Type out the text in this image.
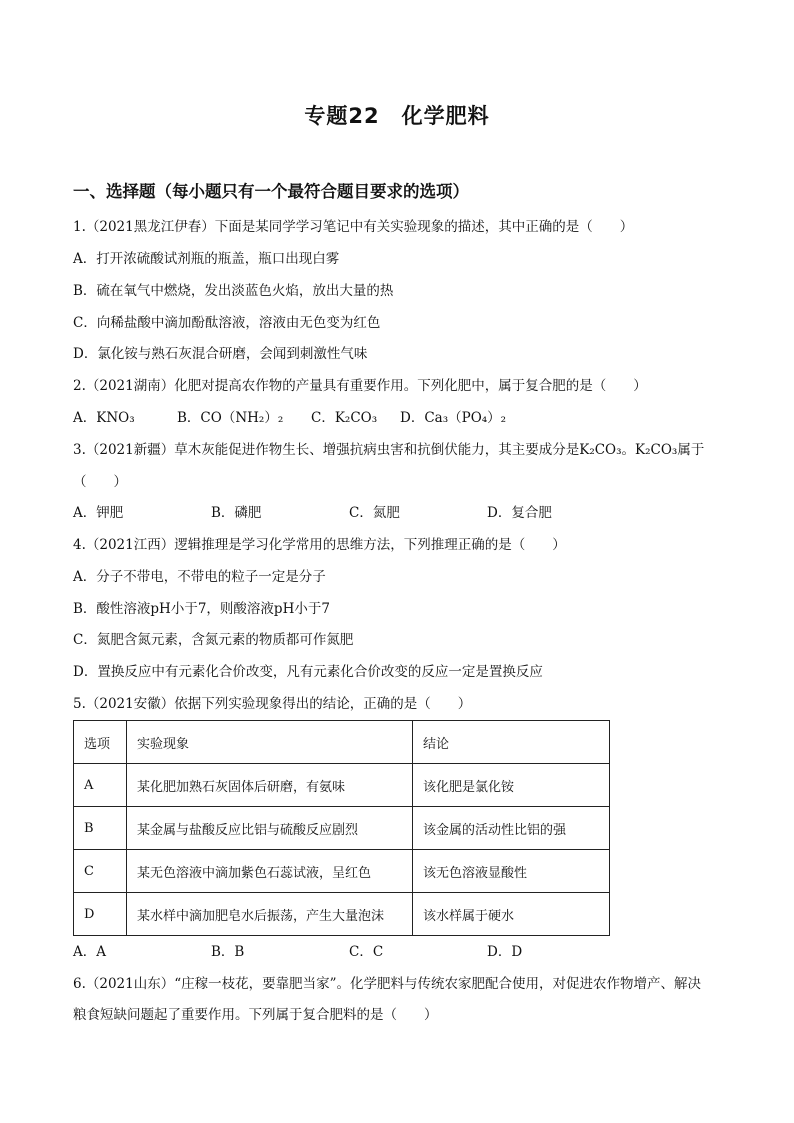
专题22　化学肥料
一、选择题（每小题只有一个最符合题目要求的选项）
1.（2021黑龙江伊春）下面是某同学学习笔记中有关实验现象的描述，其中正确的是（　　）
A．打开浓硫酸试剂瓶的瓶盖，瓶口出现白雾
B．硫在氧气中燃烧，发出淡蓝色火焰，放出大量的热
C．向稀盐酸中滴加酚酞溶液，溶液由无色变为红色
D．氯化铵与熟石灰混合研磨，会闻到刺激性气味
2.（2021湖南）化肥对提高农作物的产量具有重要作用。下列化肥中，属于复合肥的是（　　）
A．KNO₃	B．CO（NH₂）₂ C．K₂CO₃ D．Ca₃（PO₄）₂
3.（2021新疆）草木灰能促进作物生长、增强抗病虫害和抗倒伏能力，其主要成分是K₂CO₃。K₂CO₃属于
（　　）
A．钾肥	B．磷肥	C．氮肥	D．复合肥
4.（2021江西）逻辑推理是学习化学常用的思维方法，下列推理正确的是（　　）
A．分子不带电，不带电的粒子一定是分子
B．酸性溶液pH小于7，则酸溶液pH小于7
C．氮肥含氮元素，含氮元素的物质都可作氮肥
D．置换反应中有元素化合价改变，凡有元素化合价改变的反应一定是置换反应
5.（2021安徽）依据下列实验现象得出的结论，正确的是（　　）
选项	实验现象	结论
A	某化肥加熟石灰固体后研磨，有氨味	该化肥是氯化铵
B	某金属与盐酸反应比铝与硫酸反应剧烈	该金属的活动性比铝的强
C	某无色溶液中滴加紫色石蕊试液，呈红色	该无色溶液显酸性
D	某水样中滴加肥皂水后振荡，产生大量泡沫	该水样属于硬水
A．A	B．B	C．C	D．D
6.（2021山东）“庄稼一枝花，要靠肥当家”。化学肥料与传统农家肥配合使用，对促进农作物增产、解决
粮食短缺问题起了重要作用。下列属于复合肥料的是（　　）
